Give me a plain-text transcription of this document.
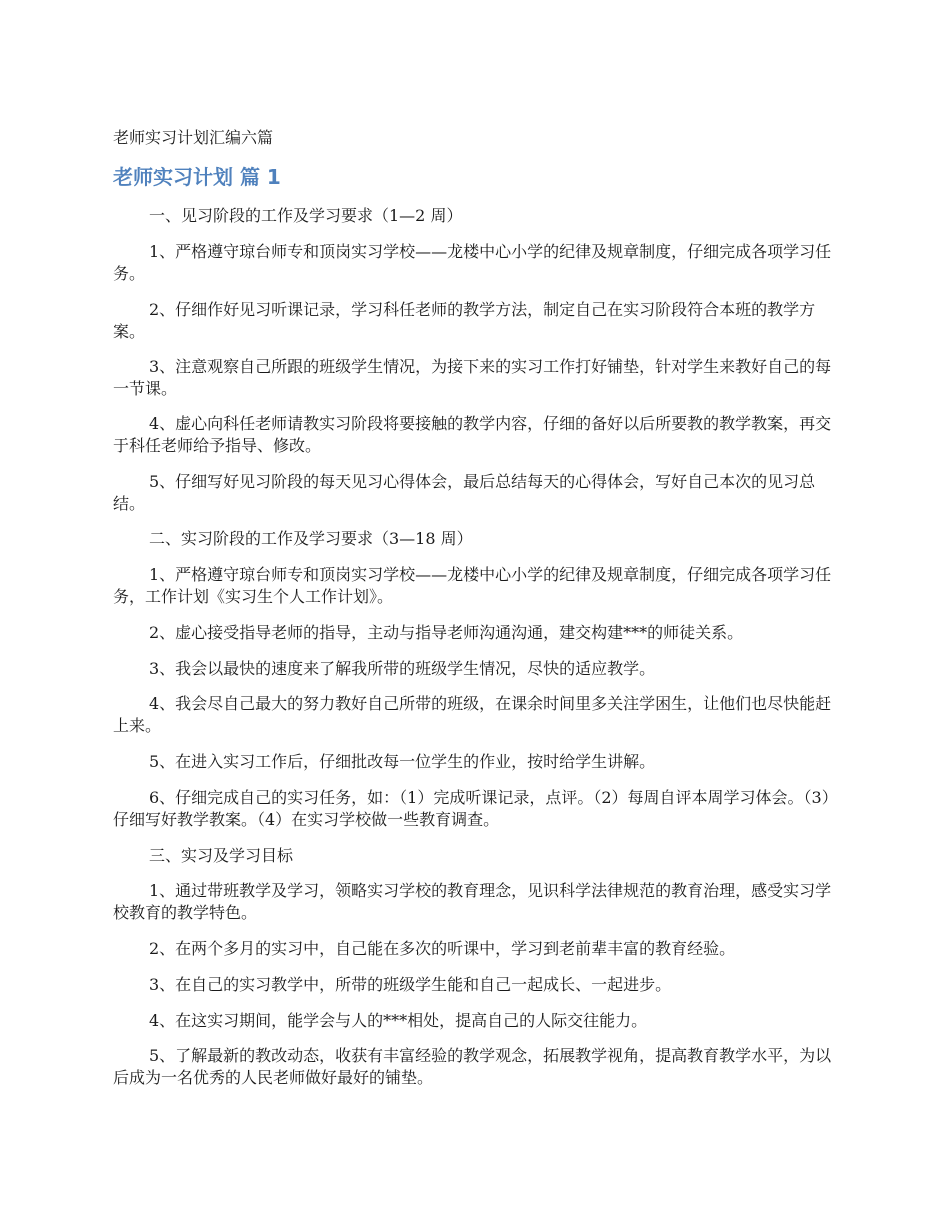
老师实习计划汇编六篇
老师实习计划 篇 1

一、见习阶段的工作及学习要求（1—2 周）

1、严格遵守琼台师专和顶岗实习学校——龙楼中心小学的纪律及规章制度，仔细完成各项学习任务。

2、仔细作好见习听课记录，学习科任老师的教学方法，制定自己在实习阶段符合本班的教学方案。

3、注意观察自己所跟的班级学生情况，为接下来的实习工作打好铺垫，针对学生来教好自己的每一节课。

4、虚心向科任老师请教实习阶段将要接触的教学内容，仔细的备好以后所要教的教学教案，再交于科任老师给予指导、修改。

5、仔细写好见习阶段的每天见习心得体会，最后总结每天的心得体会，写好自己本次的见习总结。

二、实习阶段的工作及学习要求（3—18 周）

1、严格遵守琼台师专和顶岗实习学校——龙楼中心小学的纪律及规章制度，仔细完成各项学习任务，工作计划《实习生个人工作计划》。

2、虚心接受指导老师的指导，主动与指导老师沟通沟通，建交构建***的师徒关系。

3、我会以最快的速度来了解我所带的班级学生情况，尽快的适应教学。

4、我会尽自己最大的努力教好自己所带的班级，在课余时间里多关注学困生，让他们也尽快能赶上来。

5、在进入实习工作后，仔细批改每一位学生的作业，按时给学生讲解。

6、仔细完成自己的实习任务，如：（1）完成听课记录，点评。（2）每周自评本周学习体会。（3）仔细写好教学教案。（4）在实习学校做一些教育调查。

三、实习及学习目标

1、通过带班教学及学习，领略实习学校的教育理念，见识科学法律规范的教育治理，感受实习学校教育的教学特色。

2、在两个多月的实习中，自己能在多次的听课中，学习到老前辈丰富的教育经验。

3、在自己的实习教学中，所带的班级学生能和自己一起成长、一起进步。

4、在这实习期间，能学会与人的***相处，提高自己的人际交往能力。

5、了解最新的教改动态，收获有丰富经验的教学观念，拓展教学视角，提高教育教学水平，为以后成为一名优秀的人民老师做好最好的铺垫。
